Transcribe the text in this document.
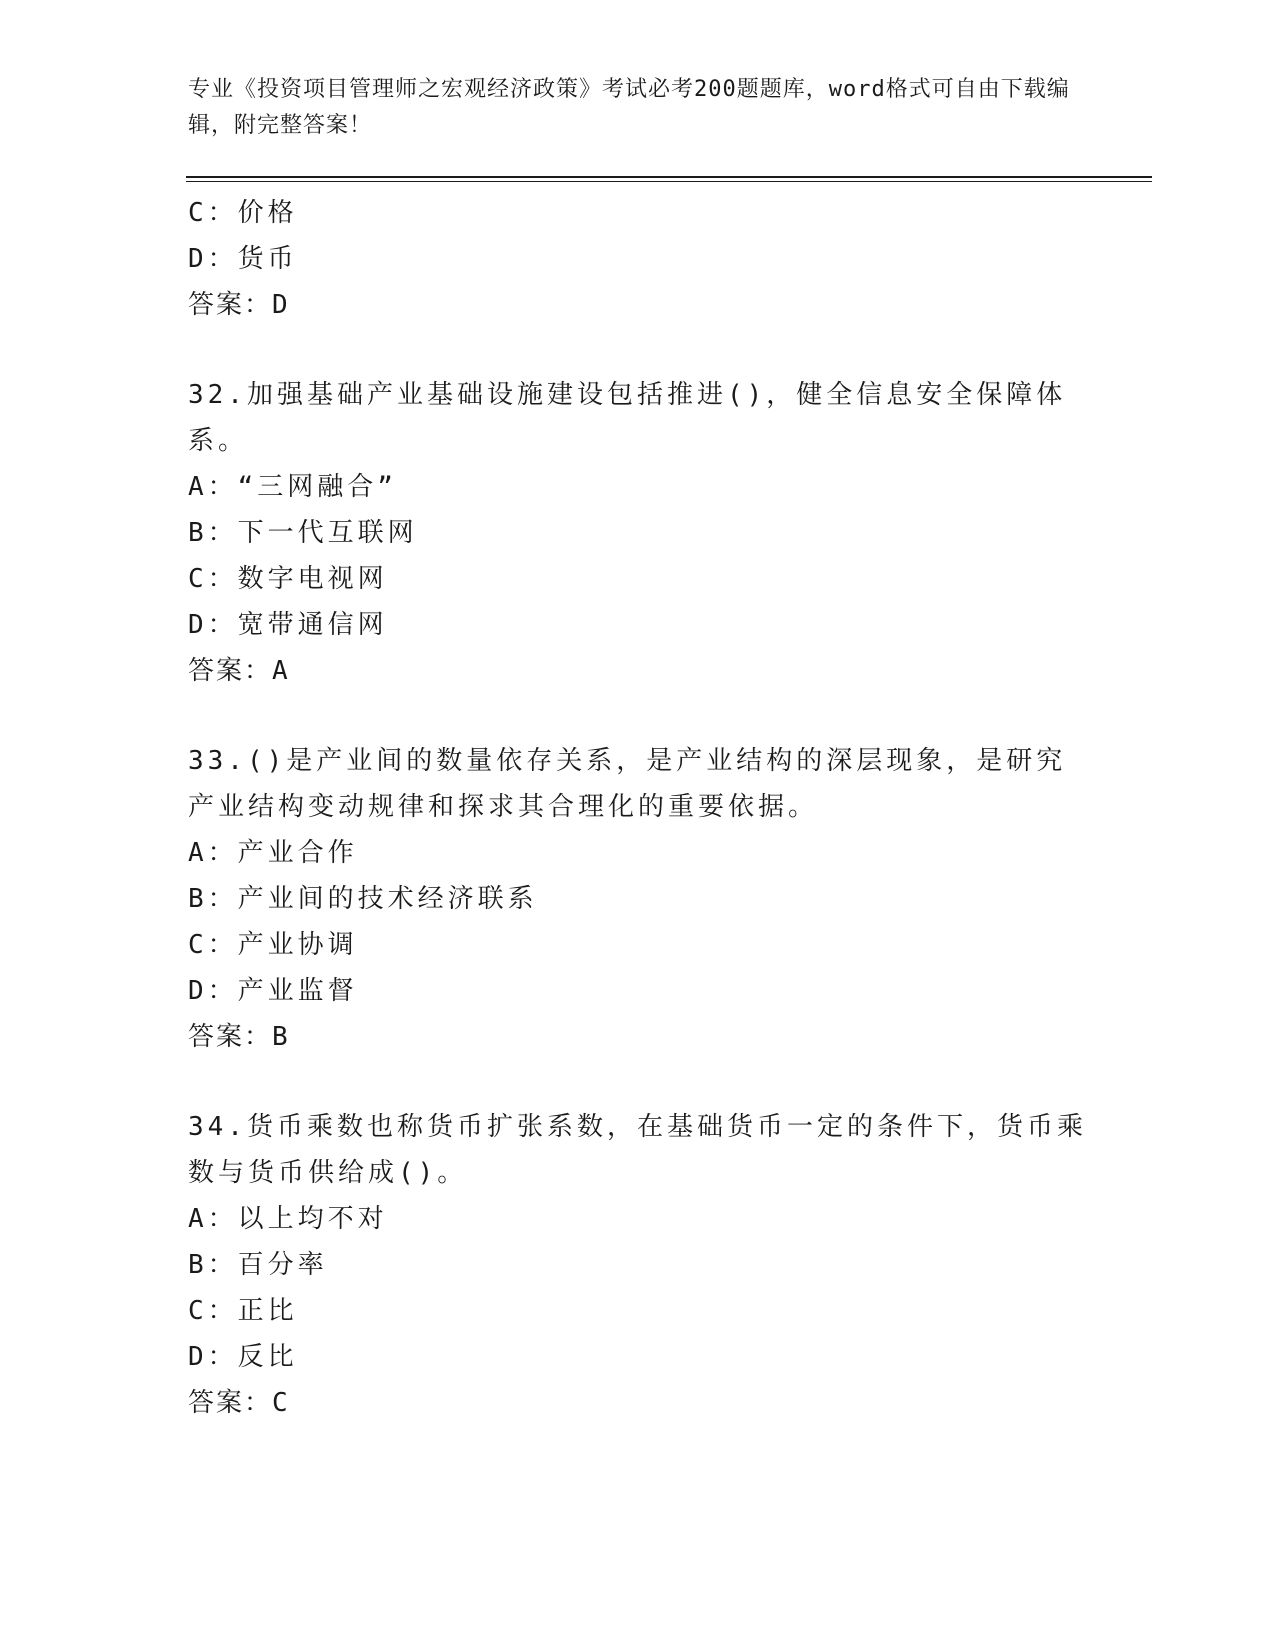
专业《投资项目管理师之宏观经济政策》考试必考200题题库，word格式可自由下载编辑，附完整答案！
C：价格
D：货币
答案：D
32.加强基础产业基础设施建设包括推进()，健全信息安全保障体系。
A：“三网融合”
B：下一代互联网
C：数字电视网
D：宽带通信网
答案：A
33.()是产业间的数量依存关系，是产业结构的深层现象，是研究产业结构变动规律和探求其合理化的重要依据。
A：产业合作
B：产业间的技术经济联系
C：产业协调
D：产业监督
答案：B
34.货币乘数也称货币扩张系数，在基础货币一定的条件下，货币乘数与货币供给成()。
A：以上均不对
B：百分率
C：正比
D：反比
答案：C
